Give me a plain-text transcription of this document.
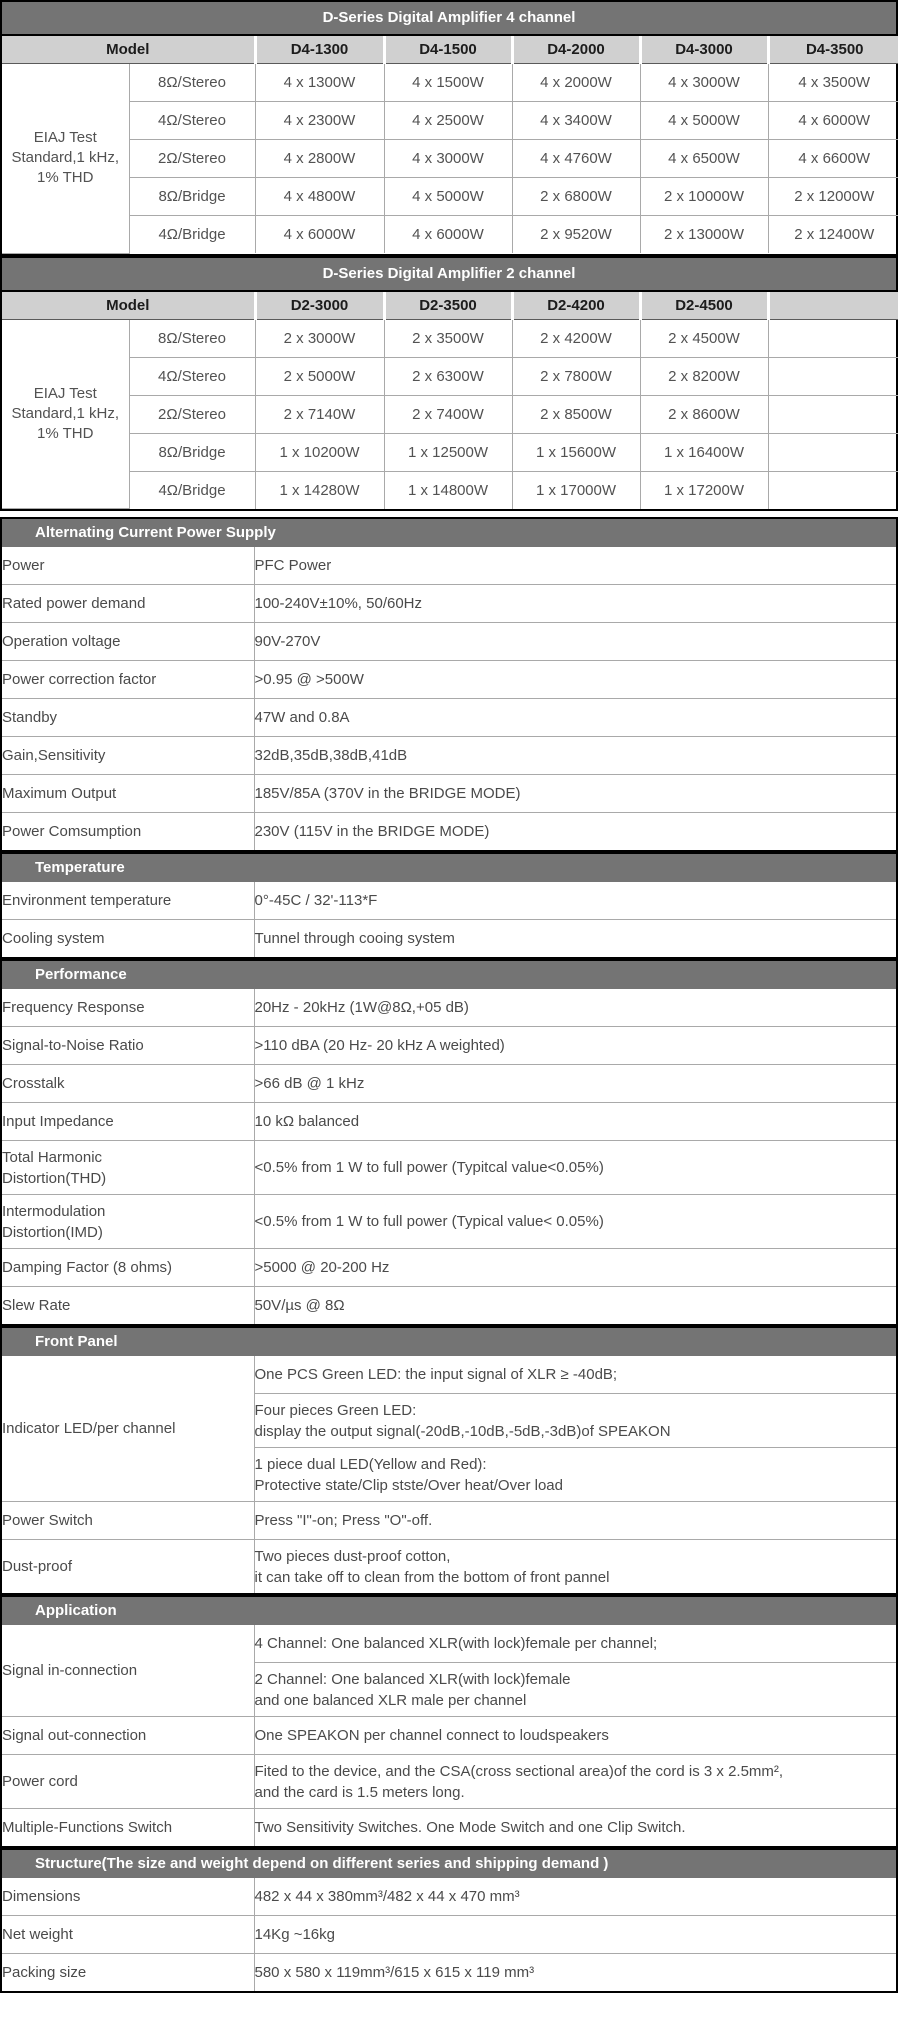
D-Series Digital Amplifier 4 channel
Model		D4-1300	D4-1500	D4-2000	D4-3000	D4-3500

EIAJ Test
Standard,1 kHz,
1% THD	8Ω/Stereo	4 x 1300W	4 x 1500W	4 x 2000W	4 x 3000W	4 x 3500W
	4Ω/Stereo	4 x 2300W	4 x 2500W	4 x 3400W	4 x 5000W	4 x 6000W
	2Ω/Stereo	4 x 2800W	4 x 3000W	4 x 4760W	4 x 6500W	4 x 6600W
	8Ω/Bridge	4 x 4800W	4 x 5000W	2 x 6800W	2 x 10000W	2 x 12000W
	4Ω/Bridge	4 x 6000W	4 x 6000W	2 x 9520W	2 x 13000W	2 x 12400W
D-Series Digital Amplifier 2 channel
Model		D2-3000	D2-3500	D2-4200	D2-4500	

EIAJ Test
Standard,1 kHz,
1% THD	8Ω/Stereo	2 x 3000W	2 x 3500W	2 x 4200W	2 x 4500W	
	4Ω/Stereo	2 x 5000W	2 x 6300W	2 x 7800W	2 x 8200W	
	2Ω/Stereo	2 x 7140W	2 x 7400W	2 x 8500W	2 x 8600W	
	8Ω/Bridge	1 x 10200W	1 x 12500W	1 x 15600W	1 x 16400W	
	4Ω/Bridge	1 x 14280W	1 x 14800W	1 x 17000W	1 x 17200W	
Alternating Current Power Supply
Power	PFC Power

Rated power demand	100-240V±10%, 50/60Hz

Operation voltage	90V-270V

Power correction factor	>0.95 @ >500W

Standby	47W and 0.8A

Gain,Sensitivity	32dB,35dB,38dB,41dB

Maximum Output	185V/85A (370V in the BRIDGE MODE)

Power Comsumption	230V (115V in the BRIDGE MODE)
Temperature
Environment temperature	0°-45C / 32'-113*F

Cooling system	Tunnel through cooing system
Performance
Frequency Response	20Hz - 20kHz (1W@8Ω,+05 dB)

Signal-to-Noise Ratio	>110 dBA (20 Hz- 20 kHz A weighted)

Crosstalk	>66 dB @ 1 kHz

Input Impedance	10 kΩ balanced

Total Harmonic
Distortion(THD)	<0.5% from 1 W to full power (Typitcal value<0.05%)

Intermodulation
Distortion(IMD)	<0.5% from 1 W to full power (Typical value< 0.05%)

Damping Factor (8 ohms)	>5000 @ 20-200 Hz

Slew Rate	50V/µs @ 8Ω
Front Panel
Indicator LED/per channel	One PCS Green LED: the input signal of XLR ≥ -40dB;

	Four pieces Green LED:
display the output signal(-20dB,-10dB,-5dB,-3dB)of SPEAKON

	1 piece dual LED(Yellow and Red):
Protective state/Clip stste/Over heat/Over load

Power Switch	Press "I"-on; Press "O"-off.

Dust-proof	Two pieces dust-proof cotton,
it can take off to clean from the bottom of front pannel
Application
Signal in-connection	4 Channel: One balanced XLR(with lock)female per channel;

	2 Channel: One balanced XLR(with lock)female
and one balanced XLR male per channel

Signal out-connection	One SPEAKON per channel connect to loudspeakers

Power cord	Fited to the device, and the CSA(cross sectional area)of the cord is 3 x 2.5mm²,
and the card is 1.5 meters long.

Multiple-Functions Switch	Two Sensitivity Switches. One Mode Switch and one Clip Switch.
Structure(The size and weight depend on different series and shipping demand )
Dimensions	482 x 44 x 380mm³/482 x 44 x 470 mm³

Net weight	14Kg ~16kg

Packing size	580 x 580 x 119mm³/615 x 615 x 119 mm³
